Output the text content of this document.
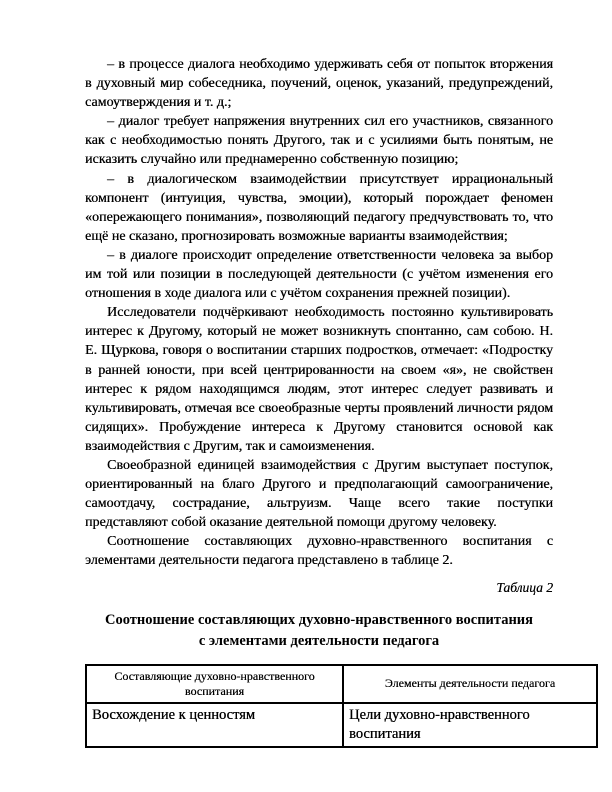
– в процессе диалога необходимо удерживать себя от попыток вторжения в духовный мир собеседника, поучений, оценок, указаний, предупреждений, самоутверждения и т. д.;

– диалог требует напряжения внутренних сил его участников, связанного как с необходимостью понять Другого, так и с усилиями быть понятым, не исказить случайно или преднамеренно собственную позицию;

– в диалогическом взаимодействии присутствует иррациональный компонент (интуиция, чувства, эмоции), который порождает феномен «опережающего понимания», позволяющий педагогу предчувствовать то, что ещё не сказано, прогнозировать возможные варианты взаимодействия;

– в диалоге происходит определение ответственности человека за выбор им той или позиции в последующей деятельности (с учётом изменения его отношения в ходе диалога или с учётом сохранения прежней позиции).

Исследователи подчёркивают необходимость постоянно культивировать интерес к Другому, который не может возникнуть спонтанно, сам собою. Н. Е. Щуркова, говоря о воспитании старших подростков, отмечает: «Подростку в ранней юности, при всей центрированности на своем «я», не свойствен интерес к рядом находящимся людям, этот интерес следует развивать и культивировать, отмечая все своеобразные черты проявлений личности рядом сидящих». Пробуждение интереса к Другому становится основой как взаимодействия с Другим, так и самоизменения.

Своеобразной единицей взаимодействия с Другим выступает поступок, ориентированный на благо Другого и предполагающий самоограничение, самоотдачу, сострадание, альтруизм. Чаще всего такие поступки представляют собой оказание деятельной помощи другому человеку.

Соотношение составляющих духовно-нравственного воспитания с элементами деятельности педагога представлено в таблице 2.

Таблица 2
Соотношение составляющих духовно-нравственного воспитания
с элементами деятельности педагога
Составляющие духовно-нравственного воспитания	Элементы деятельности педагога
Восхождение к ценностям	Цели духовно-нравственного воспитания
